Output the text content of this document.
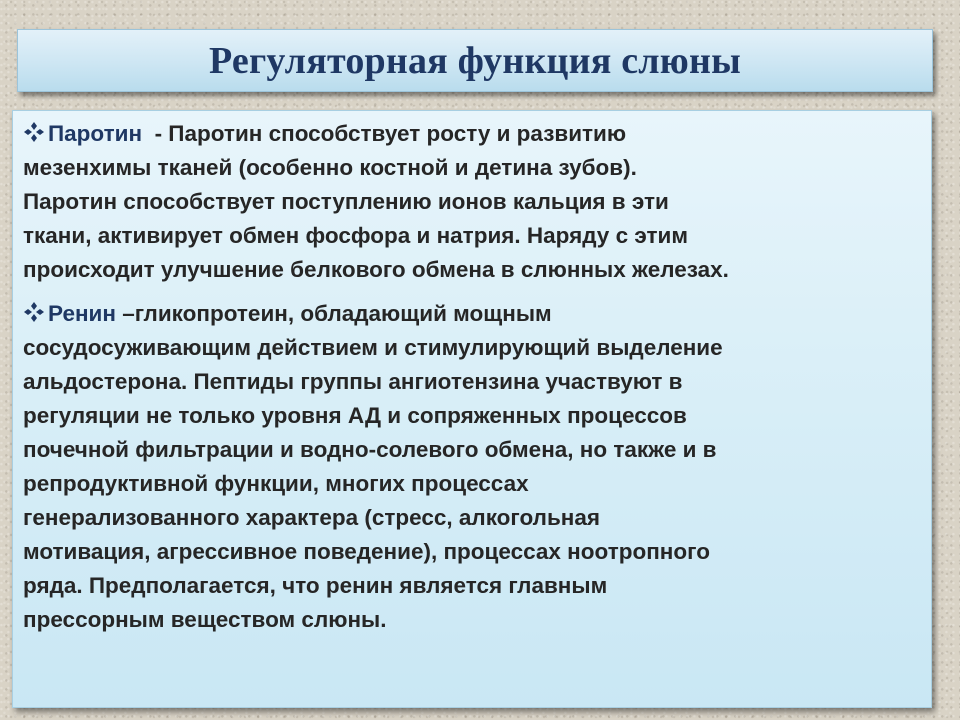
Регуляторная функция слюны
Паротин  - Паротин способствует росту и развитию
мезенхимы тканей (особенно костной и детина зубов).
Паротин способствует поступлению ионов кальция в эти
ткани, активирует обмен фосфора и натрия. Наряду с этим
происходит улучшение белкового обмена в слюнных железах.
Ренин –гликопротеин, обладающий мощным
сосудосуживающим действием и стимулирующий выделение
альдостерона. Пептиды группы ангиотензина участвуют в
регуляции не только уровня АД и сопряженных процессов
почечной фильтрации и водно-солевого обмена, но также и в
репродуктивной функции, многих процессах
генерализованного характера (стресс, алкогольная
мотивация, агрессивное поведение), процессах ноотропного
ряда. Предполагается, что ренин является главным
прессорным веществом слюны.
